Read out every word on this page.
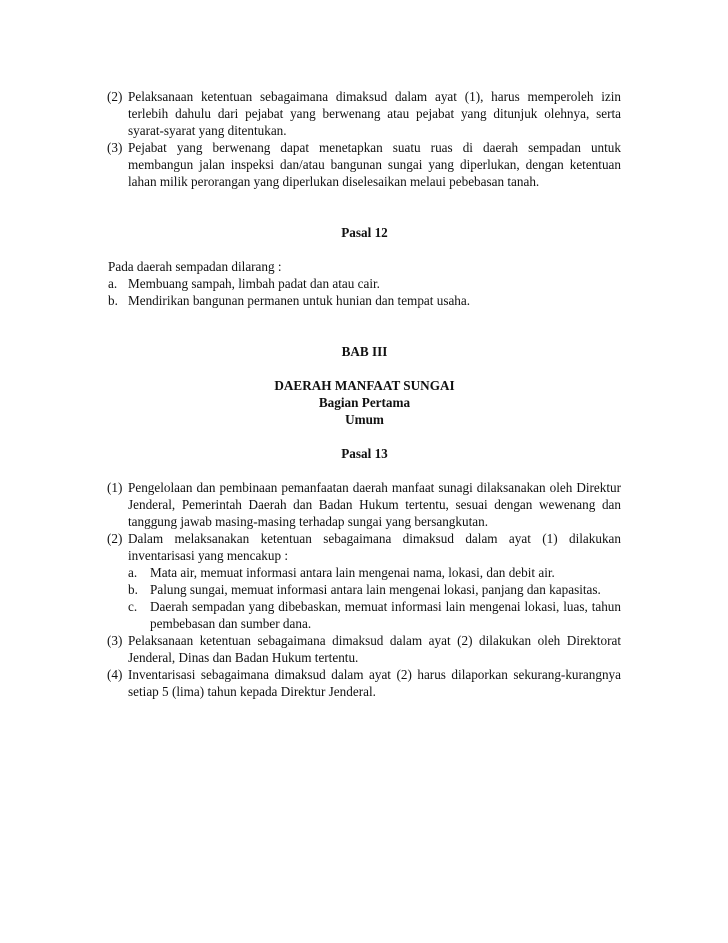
(2) Pelaksanaan ketentuan sebagaimana dimaksud dalam ayat (1), harus memperoleh izin terlebih dahulu dari pejabat yang berwenang atau pejabat yang ditunjuk olehnya, serta syarat-syarat yang ditentukan.
(3) Pejabat yang berwenang dapat menetapkan suatu ruas di daerah sempadan untuk membangun jalan inspeksi dan/atau bangunan sungai yang diperlukan, dengan ketentuan lahan milik perorangan yang diperlukan diselesaikan melaui pebebasan tanah.
Pasal 12
Pada daerah sempadan dilarang :
a. Membuang sampah, limbah padat dan atau cair.
b. Mendirikan bangunan permanen untuk hunian dan tempat usaha.
BAB III
DAERAH MANFAAT SUNGAI
Bagian Pertama
Umum
Pasal 13
(1) Pengelolaan dan pembinaan pemanfaatan daerah manfaat sunagi dilaksanakan oleh Direktur Jenderal, Pemerintah Daerah dan Badan Hukum tertentu, sesuai dengan wewenang dan tanggung jawab masing-masing terhadap sungai yang bersangkutan.
(2) Dalam melaksanakan ketentuan sebagaimana dimaksud dalam ayat (1) dilakukan inventarisasi yang mencakup :
a. Mata air, memuat informasi antara lain mengenai nama, lokasi, dan debit air.
b. Palung sungai, memuat informasi antara lain mengenai lokasi, panjang dan kapasitas.
c. Daerah sempadan yang dibebaskan, memuat informasi lain mengenai lokasi, luas, tahun pembebasan dan sumber dana.
(3) Pelaksanaan ketentuan sebagaimana dimaksud dalam ayat (2) dilakukan oleh Direktorat Jenderal, Dinas dan Badan Hukum tertentu.
(4) Inventarisasi sebagaimana dimaksud dalam ayat (2) harus dilaporkan sekurang-kurangnya setiap 5 (lima) tahun kepada Direktur Jenderal.
